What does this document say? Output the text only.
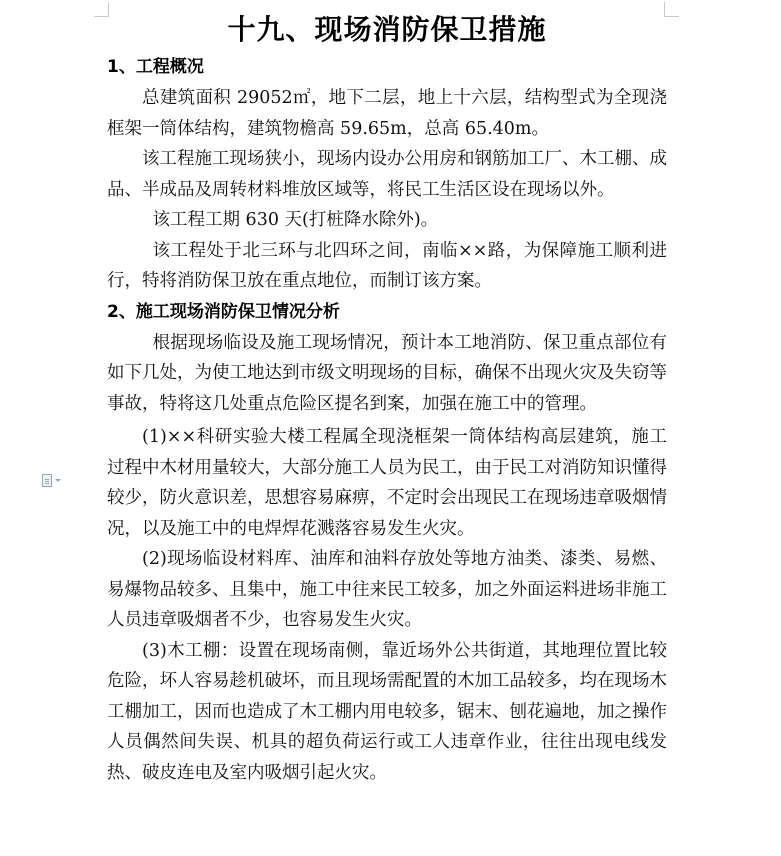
十九、现场消防保卫措施

1、工程概况

总建筑面积 29052㎡，地下二层，地上十六层，结构型式为全现浇框架一筒体结构，建筑物檐高 59.65m，总高 65.40m。

该工程施工现场狭小，现场内设办公用房和钢筋加工厂、木工棚、成品、半成品及周转材料堆放区域等，将民工生活区设在现场以外。

该工程工期 630 天(打桩降水除外)。

该工程处于北三环与北四环之间，南临××路，为保障施工顺利进行，特将消防保卫放在重点地位，而制订该方案。

2、施工现场消防保卫情况分析

根据现场临设及施工现场情况，预计本工地消防、保卫重点部位有如下几处，为使工地达到市级文明现场的目标，确保不出现火灾及失窃等事故，特将这几处重点危险区提名到案，加强在施工中的管理。

(1)××科研实验大楼工程属全现浇框架一筒体结构高层建筑，施工过程中木材用量较大，大部分施工人员为民工，由于民工对消防知识懂得较少，防火意识差，思想容易麻痹，不定时会出现民工在现场违章吸烟情况，以及施工中的电焊焊花溅落容易发生火灾。

(2)现场临设材料库、油库和油料存放处等地方油类、漆类、易燃、易爆物品较多、且集中，施工中往来民工较多，加之外面运料进场非施工人员违章吸烟者不少，也容易发生火灾。

(3)木工棚：设置在现场南侧，靠近场外公共街道，其地理位置比较危险，坏人容易趁机破坏，而且现场需配置的木加工品较多，均在现场木工棚加工，因而也造成了木工棚内用电较多，锯末、刨花遍地，加之操作人员偶然间失误、机具的超负荷运行或工人违章作业，往往出现电线发热、破皮连电及室内吸烟引起火灾。
